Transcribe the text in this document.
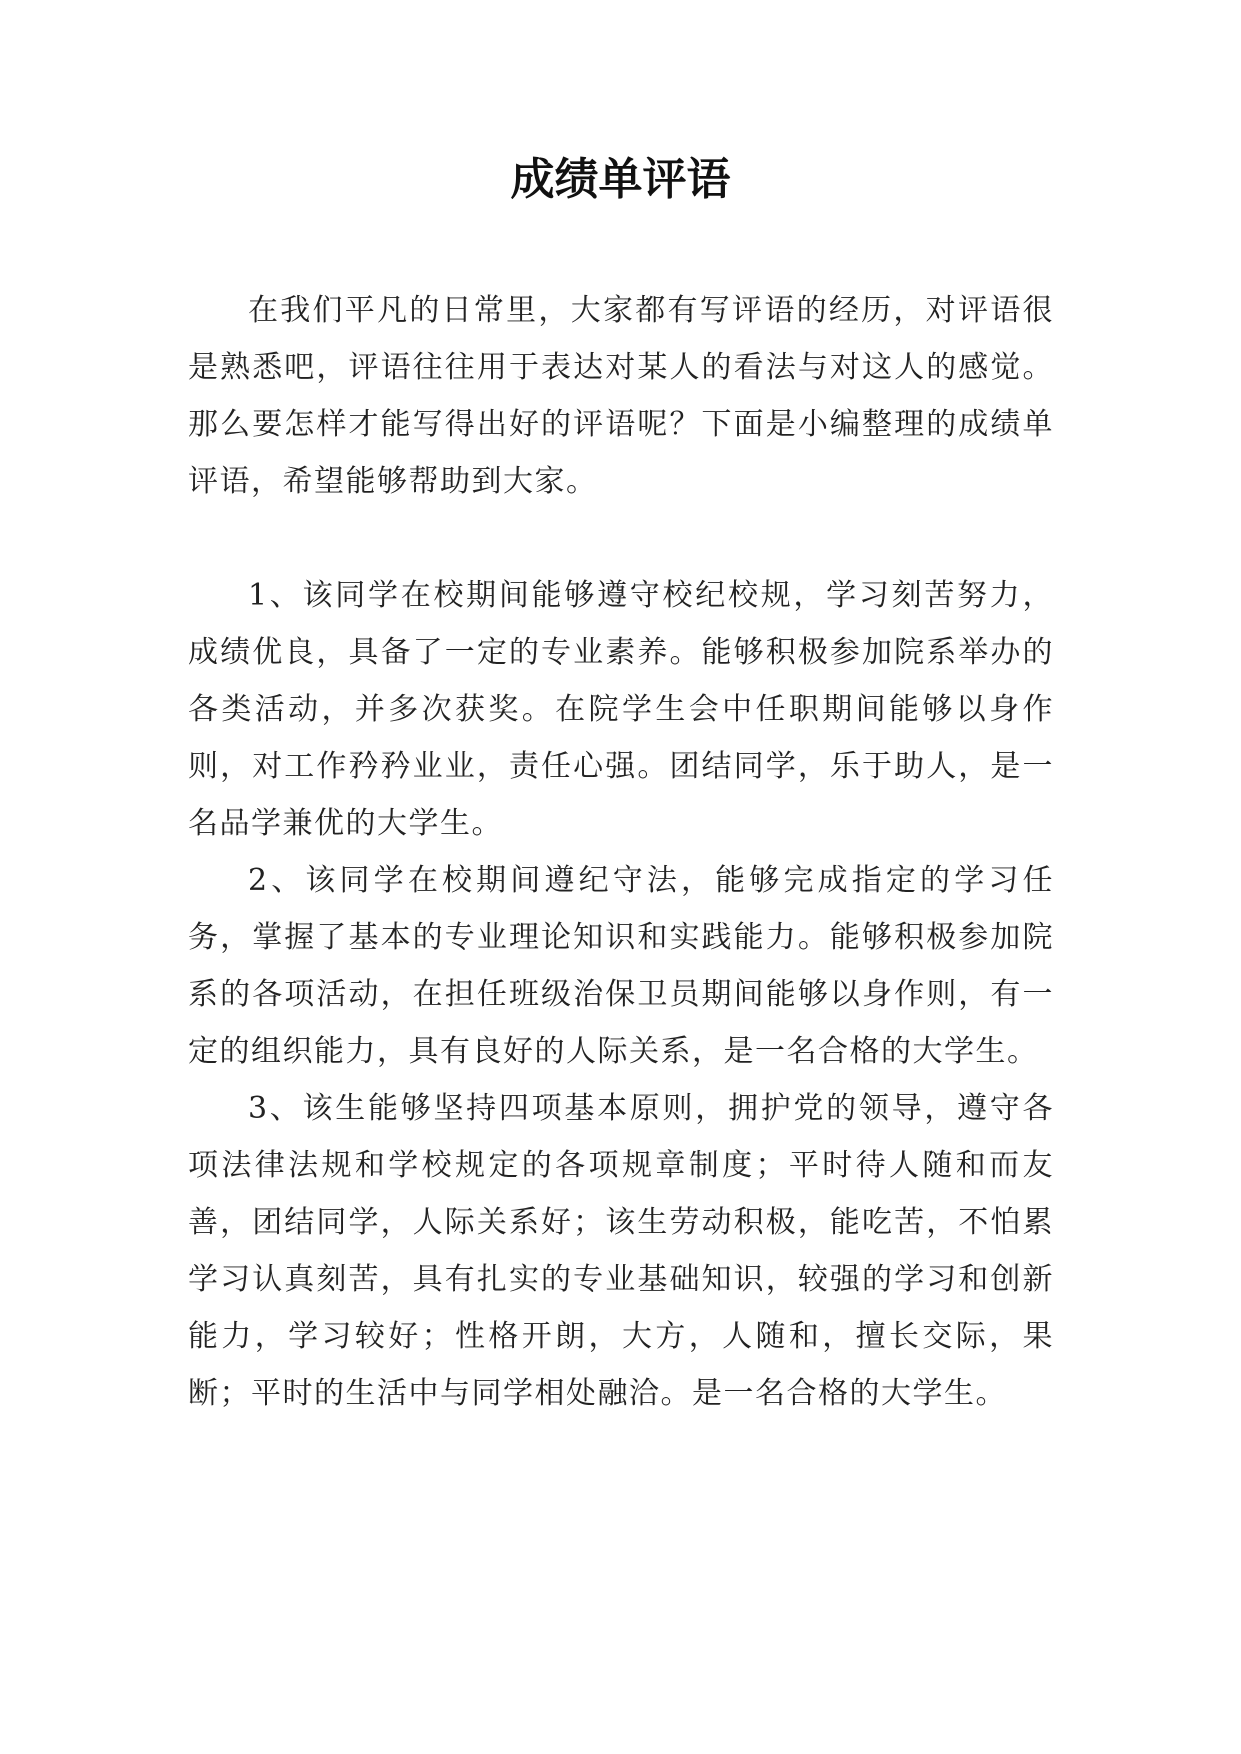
成绩单评语

在我们平凡的日常里，大家都有写评语的经历，对评语很是熟悉吧，评语往往用于表达对某人的看法与对这人的感觉。那么要怎样才能写得出好的评语呢？下面是小编整理的成绩单评语，希望能够帮助到大家。

1、该同学在校期间能够遵守校纪校规，学习刻苦努力，成绩优良，具备了一定的专业素养。能够积极参加院系举办的各类活动，并多次获奖。在院学生会中任职期间能够以身作则，对工作矜矜业业，责任心强。团结同学，乐于助人，是一名品学兼优的大学生。

2、该同学在校期间遵纪守法，能够完成指定的学习任务，掌握了基本的专业理论知识和实践能力。能够积极参加院系的各项活动，在担任班级治保卫员期间能够以身作则，有一定的组织能力，具有良好的人际关系，是一名合格的大学生。

3、该生能够坚持四项基本原则，拥护党的领导，遵守各项法律法规和学校规定的各项规章制度；平时待人随和而友善，团结同学，人际关系好；该生劳动积极，能吃苦，不怕累学习认真刻苦，具有扎实的专业基础知识，较强的学习和创新能力，学习较好；性格开朗，大方，人随和，擅长交际，果断；平时的生活中与同学相处融洽。是一名合格的大学生。
